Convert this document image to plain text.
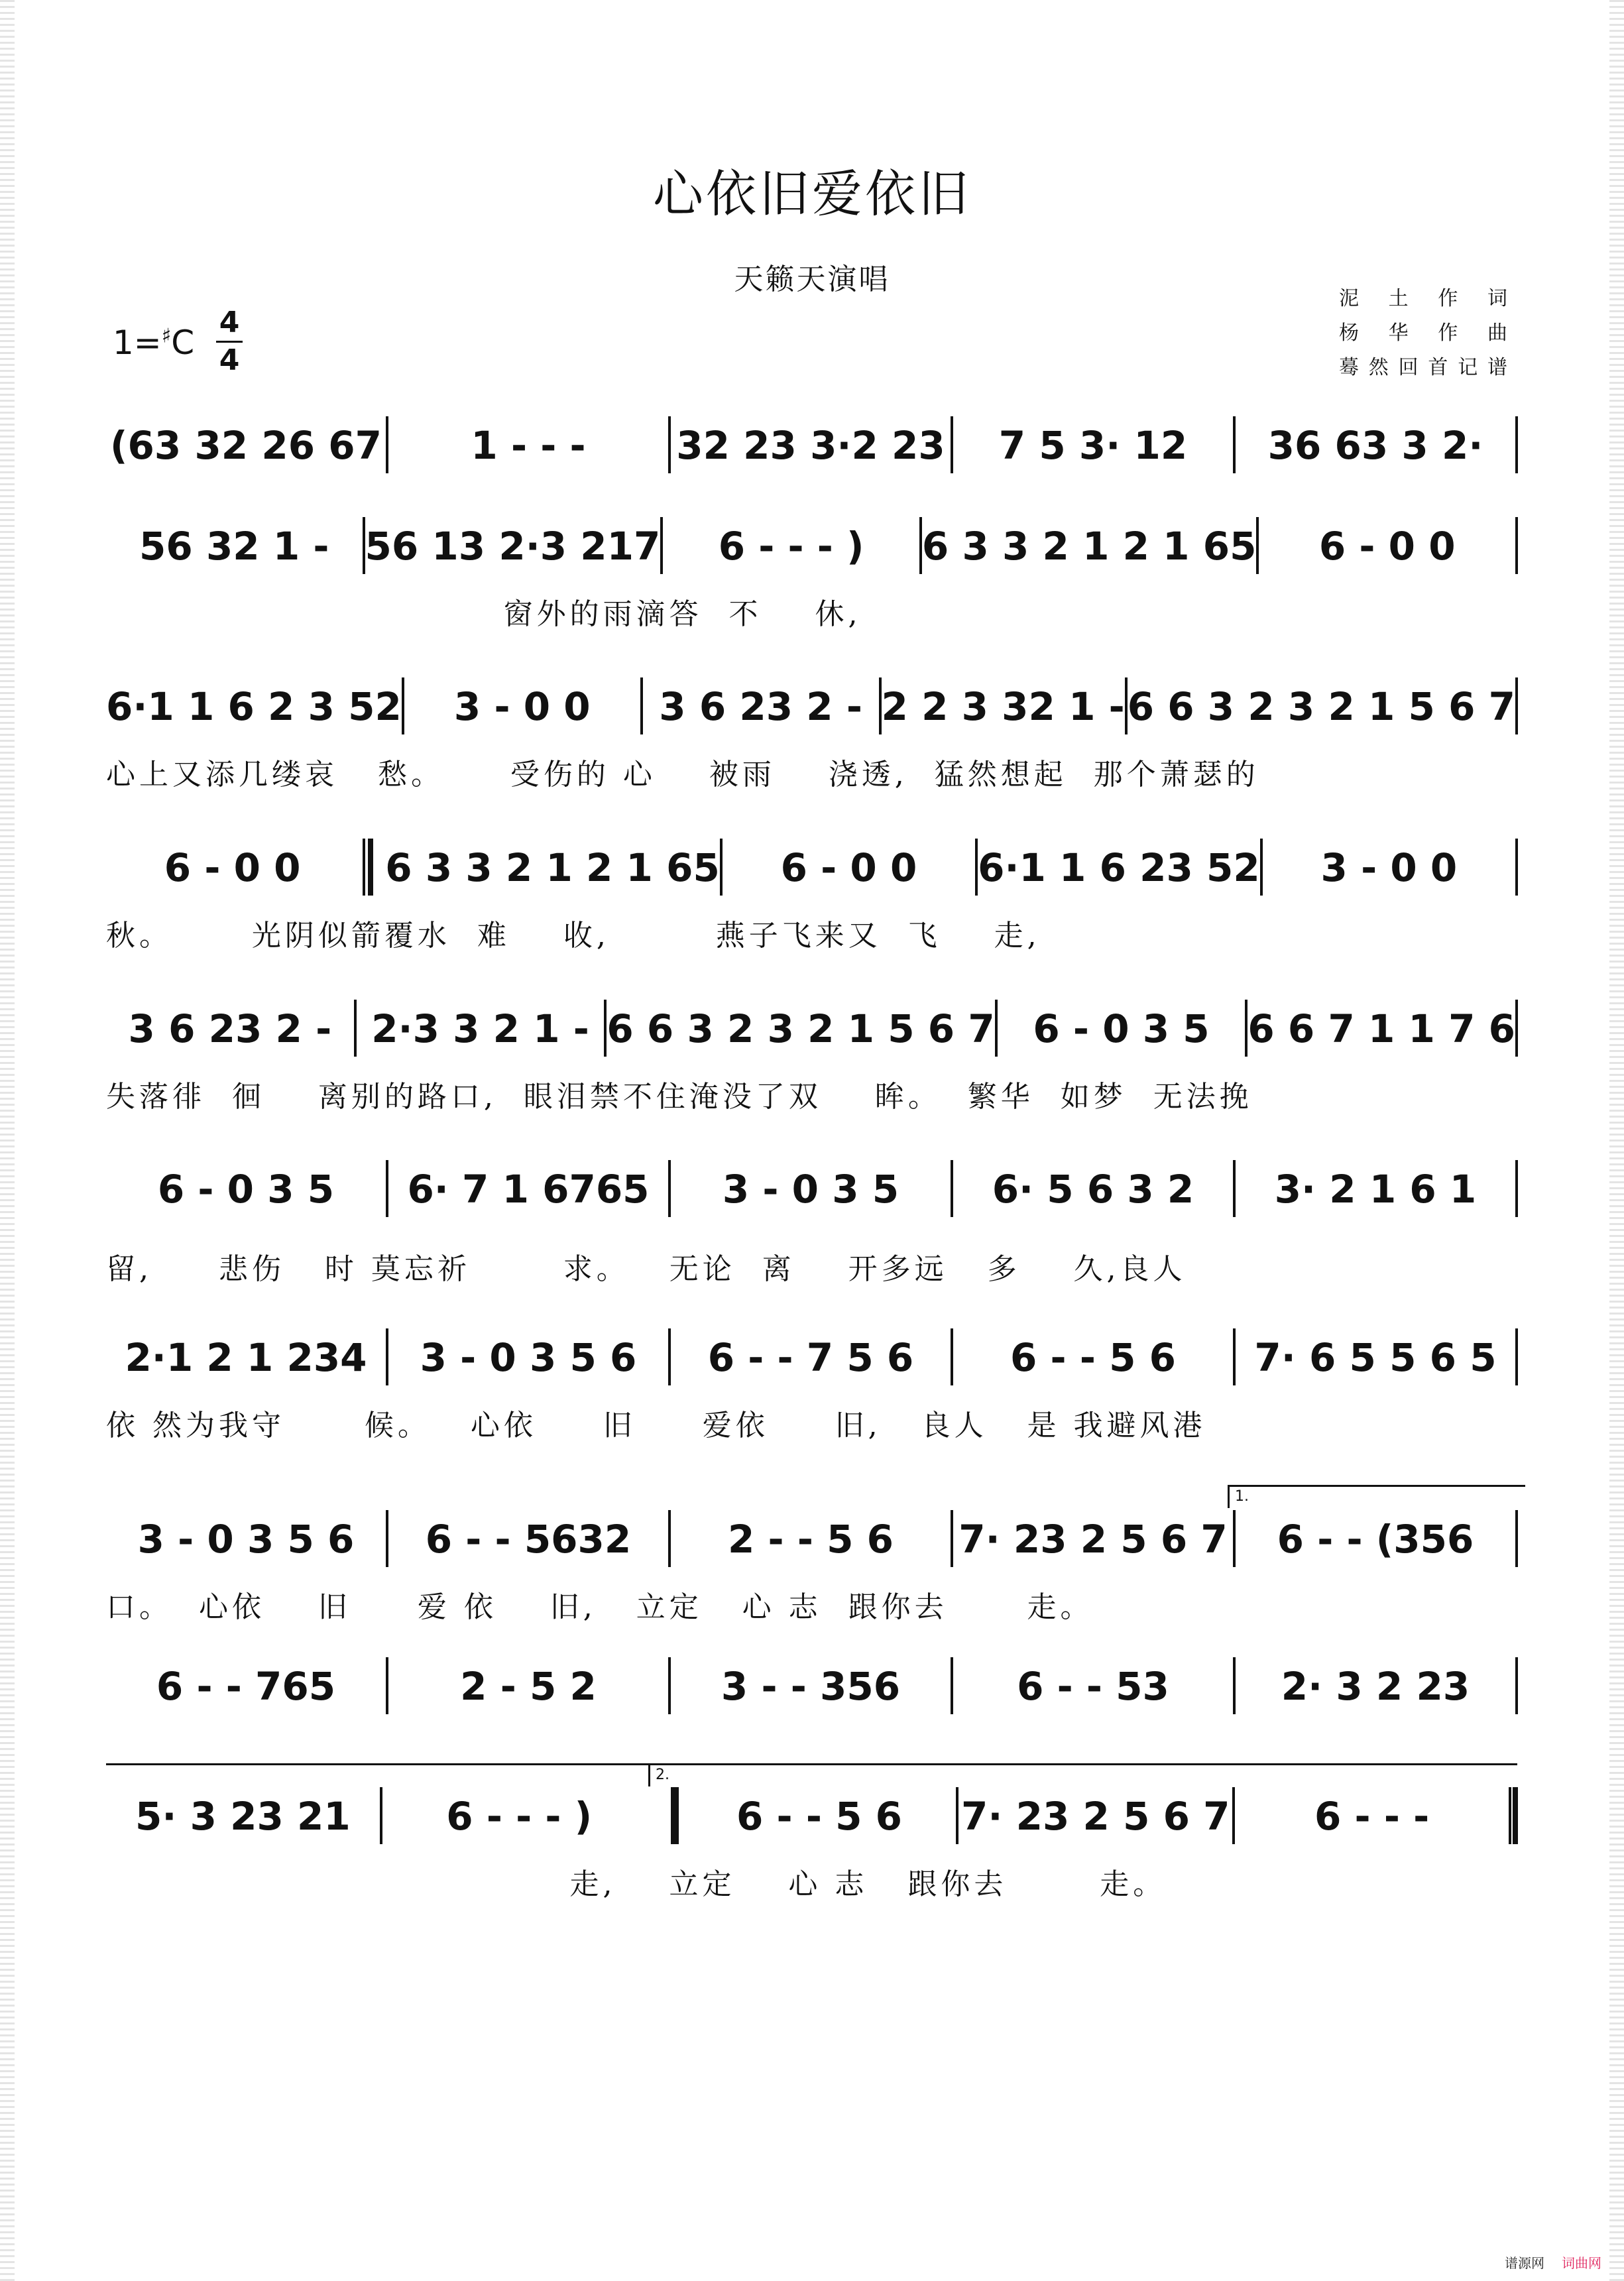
心依旧爱依旧
天籁天演唱
泥 土 作 词
杨 华 作 曲
蓦然回首记谱
1=♯C
4
4
(63 32 26 67	1 - - -	32 23 3·2 23	7 5 3· 12	36 63 3 2·
56 32 1 - 56 13 2·3 217	6 - - - )	6 3 3 2 1 2 1 65	6 - 0 0
窗外的雨滴答  不    休,
6·1 1 6 2 3 52	3 - 0 0	3 6 23 2 - 2 2 3 32 1 - 6 6 3 2 3 2 1 5 6 7
心上又添几缕哀   愁。     受伤的 心    被雨    浇透,  猛然想起  那个萧瑟的
6 - 0 0	6 3 3 2 1 2 1 65	6 - 0 0	6·1 1 6 23 52	3 - 0 0
秋。      光阴似箭覆水  难    收,        燕子飞来又  飞    走,
3 6 23 2 -	2·3 3 2 1 - 6 6 3 2 3 2 1 5 6 7 6 - 0 3 5 6 6 7 1 1 7 6
失落徘  徊    离别的路口,  眼泪禁不住淹没了双    眸。  繁华  如梦  无法挽
6 - 0 3 5	6· 7 1 6765	3 - 0 3 5	6· 5 6 3 2	3· 2 1 6 1
留,     悲伤   时 莫忘祈       求。   无论  离    开多远   多    久,良人
2·1 2 1 234	3 - 0 3 5 6	6 - - 7 5 6	6 - - 5 6	7· 6 5 5 6 5
依 然为我守      候。   心依     旧     爱依     旧,   良人   是 我避风港
1.
3 - 0 3 5 6	6 - - 5632	2 - - 5 6	7· 23 2 5 6 7	6 - - (356
口。  心依    旧     爱 依    旧,   立定   心 志  跟你去      走。
6 - - 765	2 - 5 2	3 - - 356	6 - - 53	2· 3 2 23
2.
5· 3 23 21	6 - - - )	6 - - 5 6	7· 23 2 5 6 7	6 - - -
走,    立定    心 志   跟你去       走。
谱源网 词曲网
